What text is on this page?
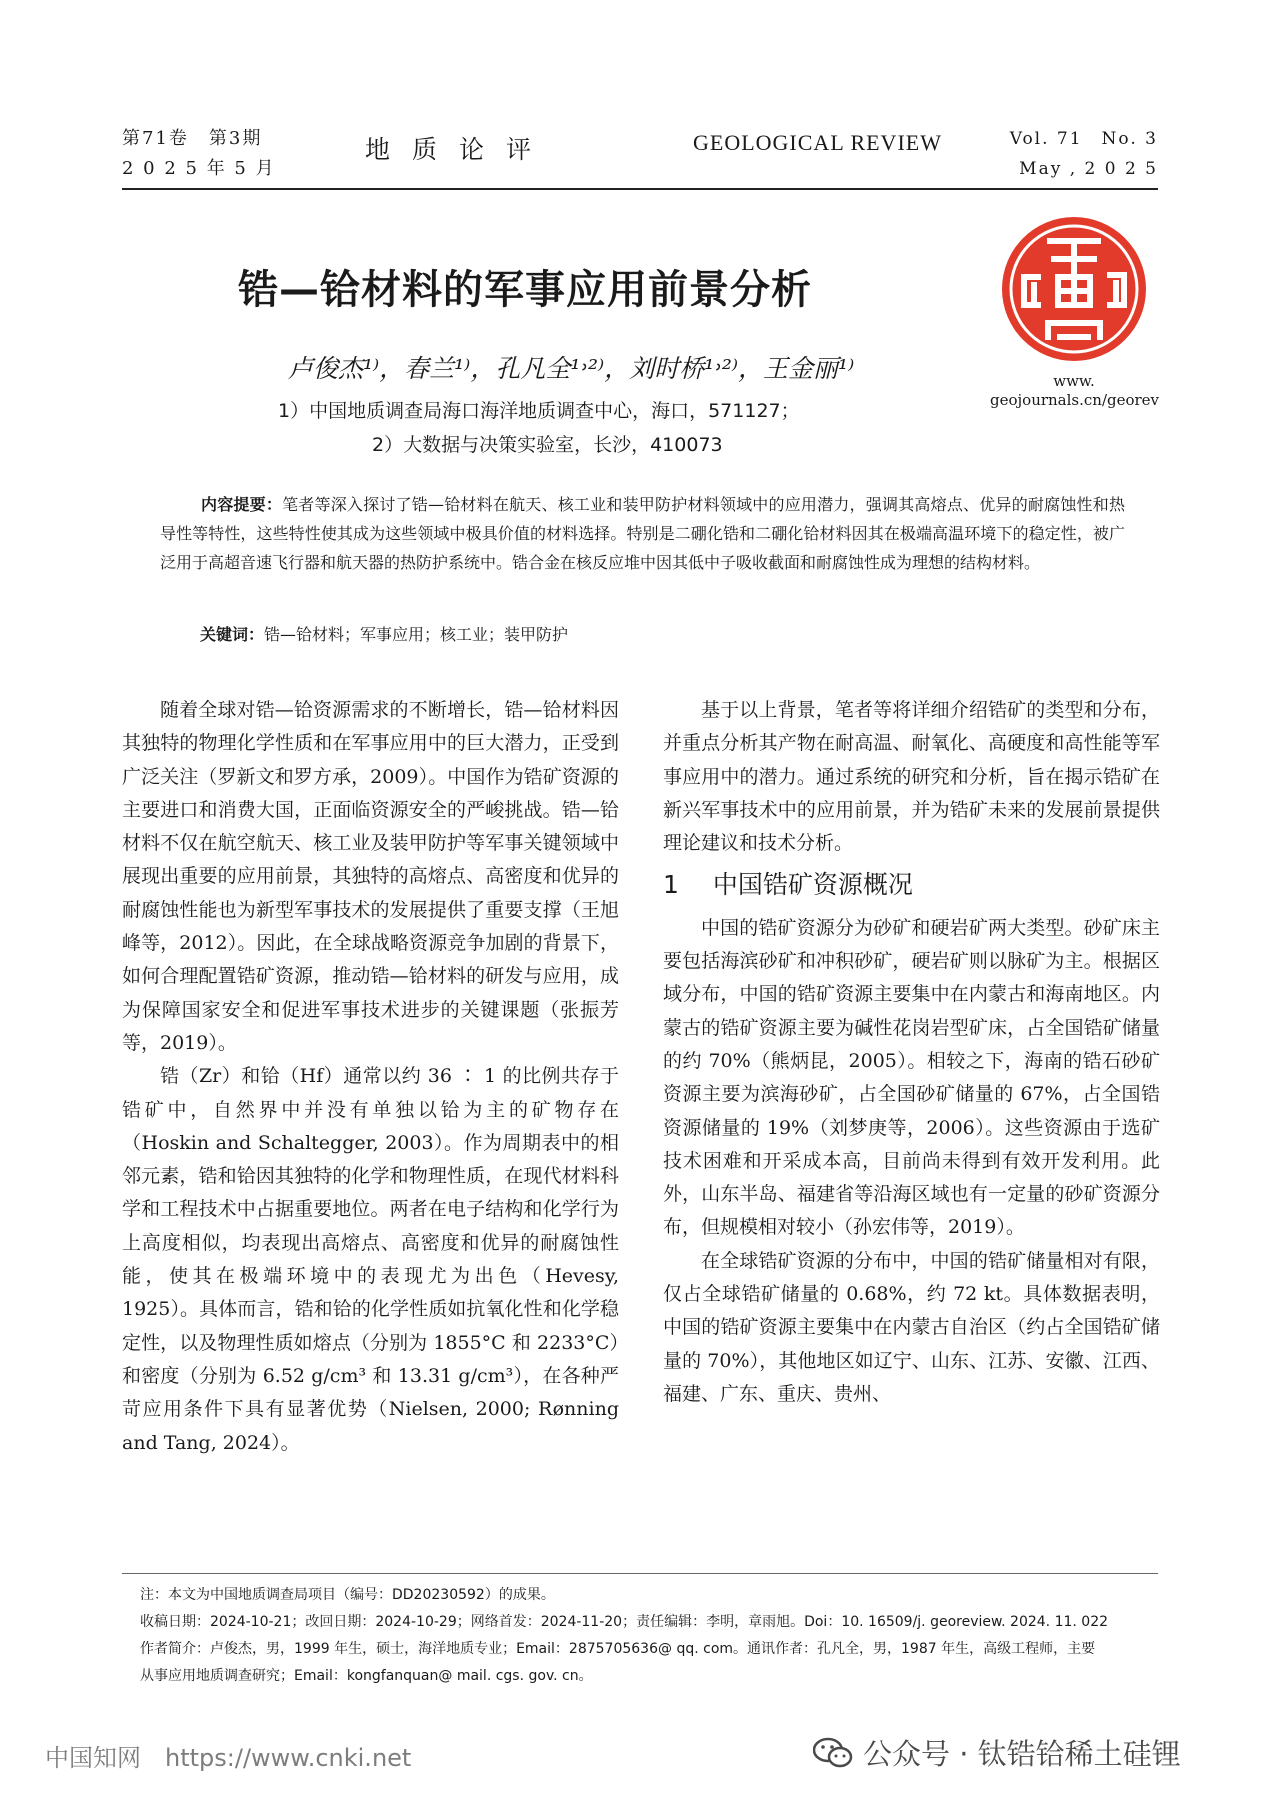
第71卷　第3期
2 0 2 5 年 5 月
地质论评	GEOLOGICAL REVIEW	Vol. 71　No. 3
May , 2 0 2 5
锆—铪材料的军事应用前景分析
卢俊杰¹⁾，春兰¹⁾，孔凡全¹˒²⁾，刘时桥¹˒²⁾，王金丽¹⁾
1）中国地质调查局海口海洋地质调查中心，海口，571127；
2）大数据与决策实验室，长沙，410073
www.
geojournals.cn/georev
内容提要：笔者等深入探讨了锆—铪材料在航天、核工业和装甲防护材料领域中的应用潜力，强调其高熔点、优异的耐腐蚀性和热导性等特性，这些特性使其成为这些领域中极具价值的材料选择。特别是二硼化锆和二硼化铪材料因其在极端高温环境下的稳定性，被广泛用于高超音速飞行器和航天器的热防护系统中。锆合金在核反应堆中因其低中子吸收截面和耐腐蚀性成为理想的结构材料。
关键词：锆—铪材料；军事应用；核工业；装甲防护

随着全球对锆—铪资源需求的不断增长，锆—铪材料因其独特的物理化学性质和在军事应用中的巨大潜力，正受到广泛关注（罗新文和罗方承，2009）。中国作为锆矿资源的主要进口和消费大国，正面临资源安全的严峻挑战。锆—铪材料不仅在航空航天、核工业及装甲防护等军事关键领域中展现出重要的应用前景，其独特的高熔点、高密度和优异的耐腐蚀性能也为新型军事技术的发展提供了重要支撑（王旭峰等，2012）。因此，在全球战略资源竞争加剧的背景下，如何合理配置锆矿资源，推动锆—铪材料的研发与应用，成为保障国家安全和促进军事技术进步的关键课题（张振芳等，2019）。

锆（Zr）和铪（Hf）通常以约 36 ∶ 1 的比例共存于锆矿中，自然界中并没有单独以铪为主的矿物存在（Hoskin and Schaltegger, 2003）。作为周期表中的相邻元素，锆和铪因其独特的化学和物理性质，在现代材料科学和工程技术中占据重要地位。两者在电子结构和化学行为上高度相似，均表现出高熔点、高密度和优异的耐腐蚀性能，使其在极端环境中的表现尤为出色（Hevesy, 1925）。具体而言，锆和铪的化学性质如抗氧化性和化学稳定性，以及物理性质如熔点（分别为 1855°C 和 2233°C）和密度（分别为 6.52 g/cm³ 和 13.31 g/cm³），在各种严苛应用条件下具有显著优势（Nielsen, 2000; Rønning and Tang, 2024）。

基于以上背景，笔者等将详细介绍锆矿的类型和分布，并重点分析其产物在耐高温、耐氧化、高硬度和高性能等军事应用中的潜力。通过系统的研究和分析，旨在揭示锆矿在新兴军事技术中的应用前景，并为锆矿未来的发展前景提供理论建议和技术分析。

1 中国锆矿资源概况

中国的锆矿资源分为砂矿和硬岩矿两大类型。砂矿床主要包括海滨砂矿和冲积砂矿，硬岩矿则以脉矿为主。根据区域分布，中国的锆矿资源主要集中在内蒙古和海南地区。内蒙古的锆矿资源主要为碱性花岗岩型矿床，占全国锆矿储量的约 70%（熊炳昆，2005）。相较之下，海南的锆石砂矿资源主要为滨海砂矿，占全国砂矿储量的 67%，占全国锆资源储量的 19%（刘梦庚等，2006）。这些资源由于选矿技术困难和开采成本高，目前尚未得到有效开发利用。此外，山东半岛、福建省等沿海区域也有一定量的砂矿资源分布，但规模相对较小（孙宏伟等，2019）。

在全球锆矿资源的分布中，中国的锆矿储量相对有限，仅占全球锆矿储量的 0.68%，约 72 kt。具体数据表明，中国的锆矿资源主要集中在内蒙古自治区（约占全国锆矿储量的 70%），其他地区如辽宁、山东、江苏、安徽、江西、福建、广东、重庆、贵州、

注：本文为中国地质调查局项目（编号：DD20230592）的成果。
收稿日期：2024-10-21；改回日期：2024-10-29；网络首发：2024-11-20；责任编辑：李明，章雨旭。Doi：10. 16509/j. georeview. 2024. 11. 022
作者简介：卢俊杰，男，1999 年生，硕士，海洋地质专业；Email：2875705636@ qq. com。通讯作者：孔凡全，男，1987 年生，高级工程师，主要
从事应用地质调查研究；Email：kongfanquan@ mail. cgs. gov. cn。
中国知网　https://www.cnki.net	公众号 · 钛锆铪稀土硅锂
